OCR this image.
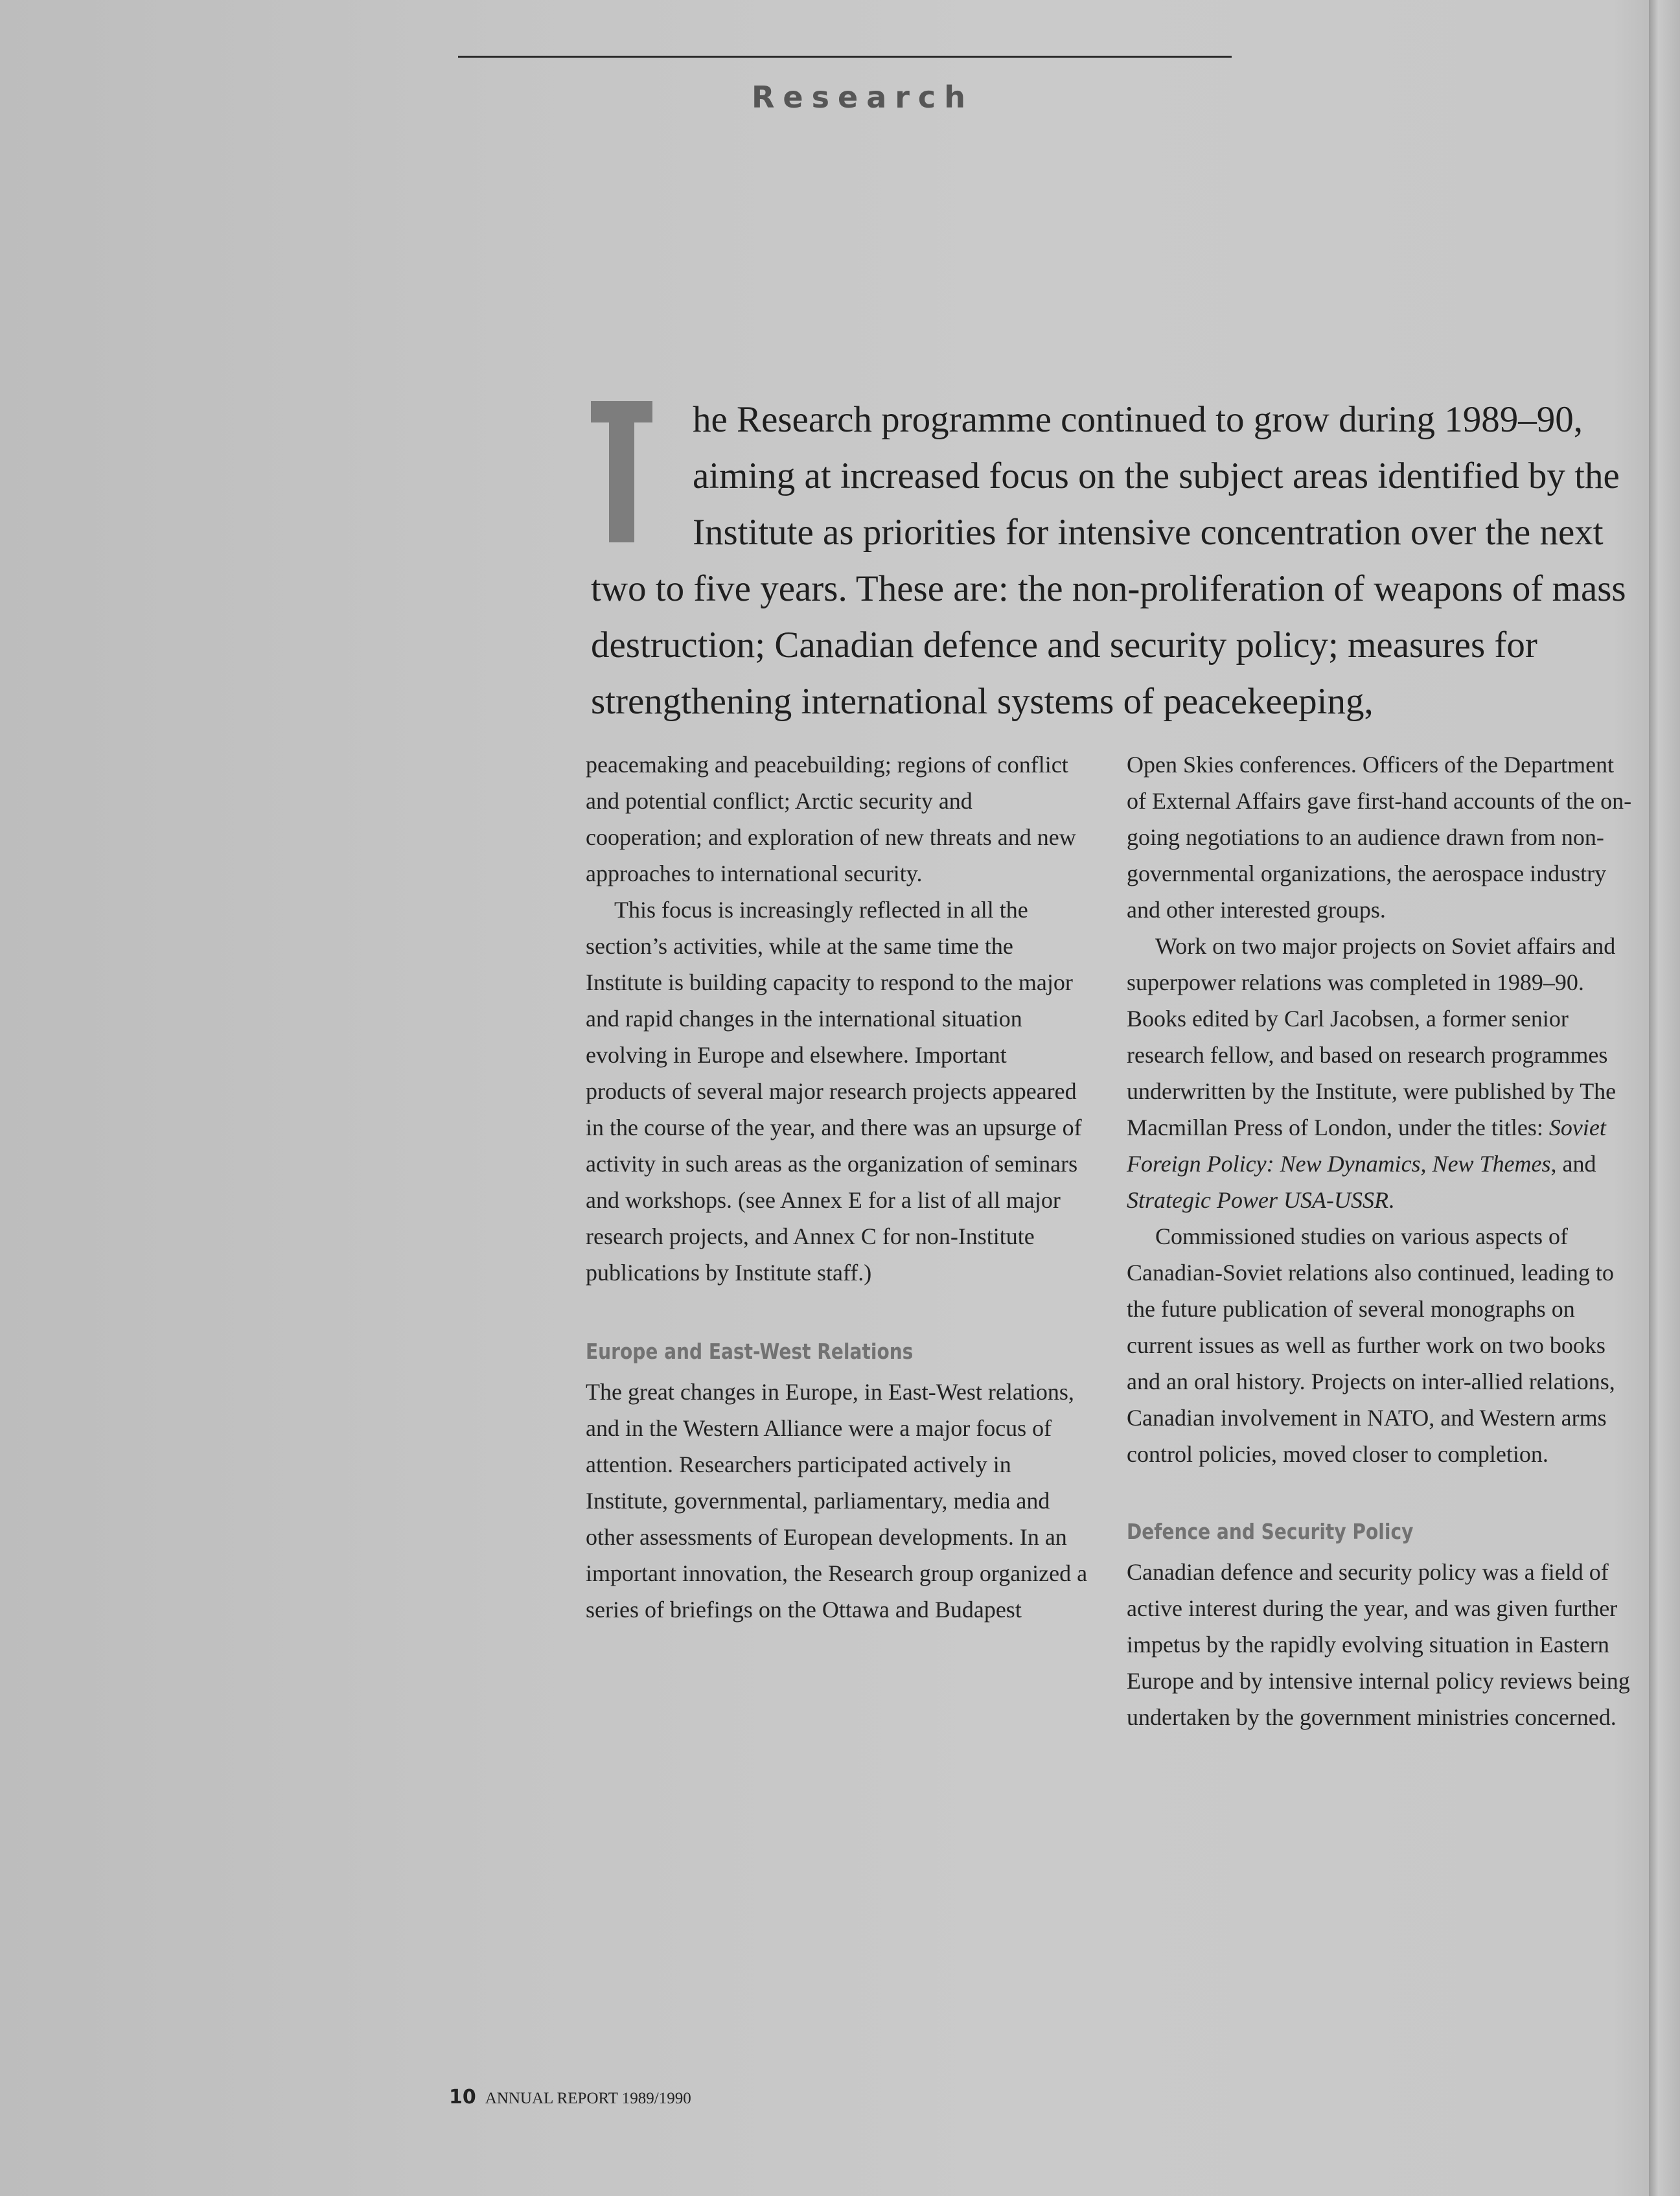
Research
he Research programme continued to grow during 1989–90, aiming at increased focus on the subject areas identified by the Institute as priorities for intensive concentration over the next two to five years. These are: the non-proliferation of weapons of mass destruction; Canadian defence and security policy; measures for strengthening international systems of peacekeeping,

peacemaking and peacebuilding; regions of conflict and potential conflict; Arctic security and cooperation; and exploration of new threats and new approaches to international security.

This focus is increasingly reflected in all the section’s activities, while at the same time the Institute is building capacity to respond to the major and rapid changes in the international situation evolving in Europe and elsewhere. Important products of several major research projects appeared in the course of the year, and there was an upsurge of activity in such areas as the organization of seminars and workshops. (see Annex E for a list of all major research projects, and Annex C for non-Institute publications by Institute staff.)

Europe and East-West Relations

The great changes in Europe, in East-West relations, and in the Western Alliance were a major focus of attention. Researchers participated actively in Institute, governmental, parliamentary, media and other assessments of European developments. In an important innovation, the Research group organized a series of briefings on the Ottawa and Budapest

Open Skies conferences. Officers of the Department of External Affairs gave first-hand accounts of the on-going negotiations to an audience drawn from non-governmental organizations, the aerospace industry and other interested groups.

Work on two major projects on Soviet affairs and superpower relations was completed in 1989–90. Books edited by Carl Jacobsen, a former senior research fellow, and based on research programmes underwritten by the Institute, were published by The Macmillan Press of London, under the titles: Soviet Foreign Policy: New Dynamics, New Themes, and Strategic Power USA-USSR.

Commissioned studies on various aspects of Canadian-Soviet relations also continued, leading to the future publication of several monographs on current issues as well as further work on two books and an oral history. Projects on inter-allied relations, Canadian involvement in NATO, and Western arms control policies, moved closer to completion.

Defence and Security Policy

Canadian defence and security policy was a field of active interest during the year, and was given further impetus by the rapidly evolving situation in Eastern Europe and by intensive internal policy reviews being undertaken by the government ministries concerned.

10 ANNUAL REPORT 1989/1990
